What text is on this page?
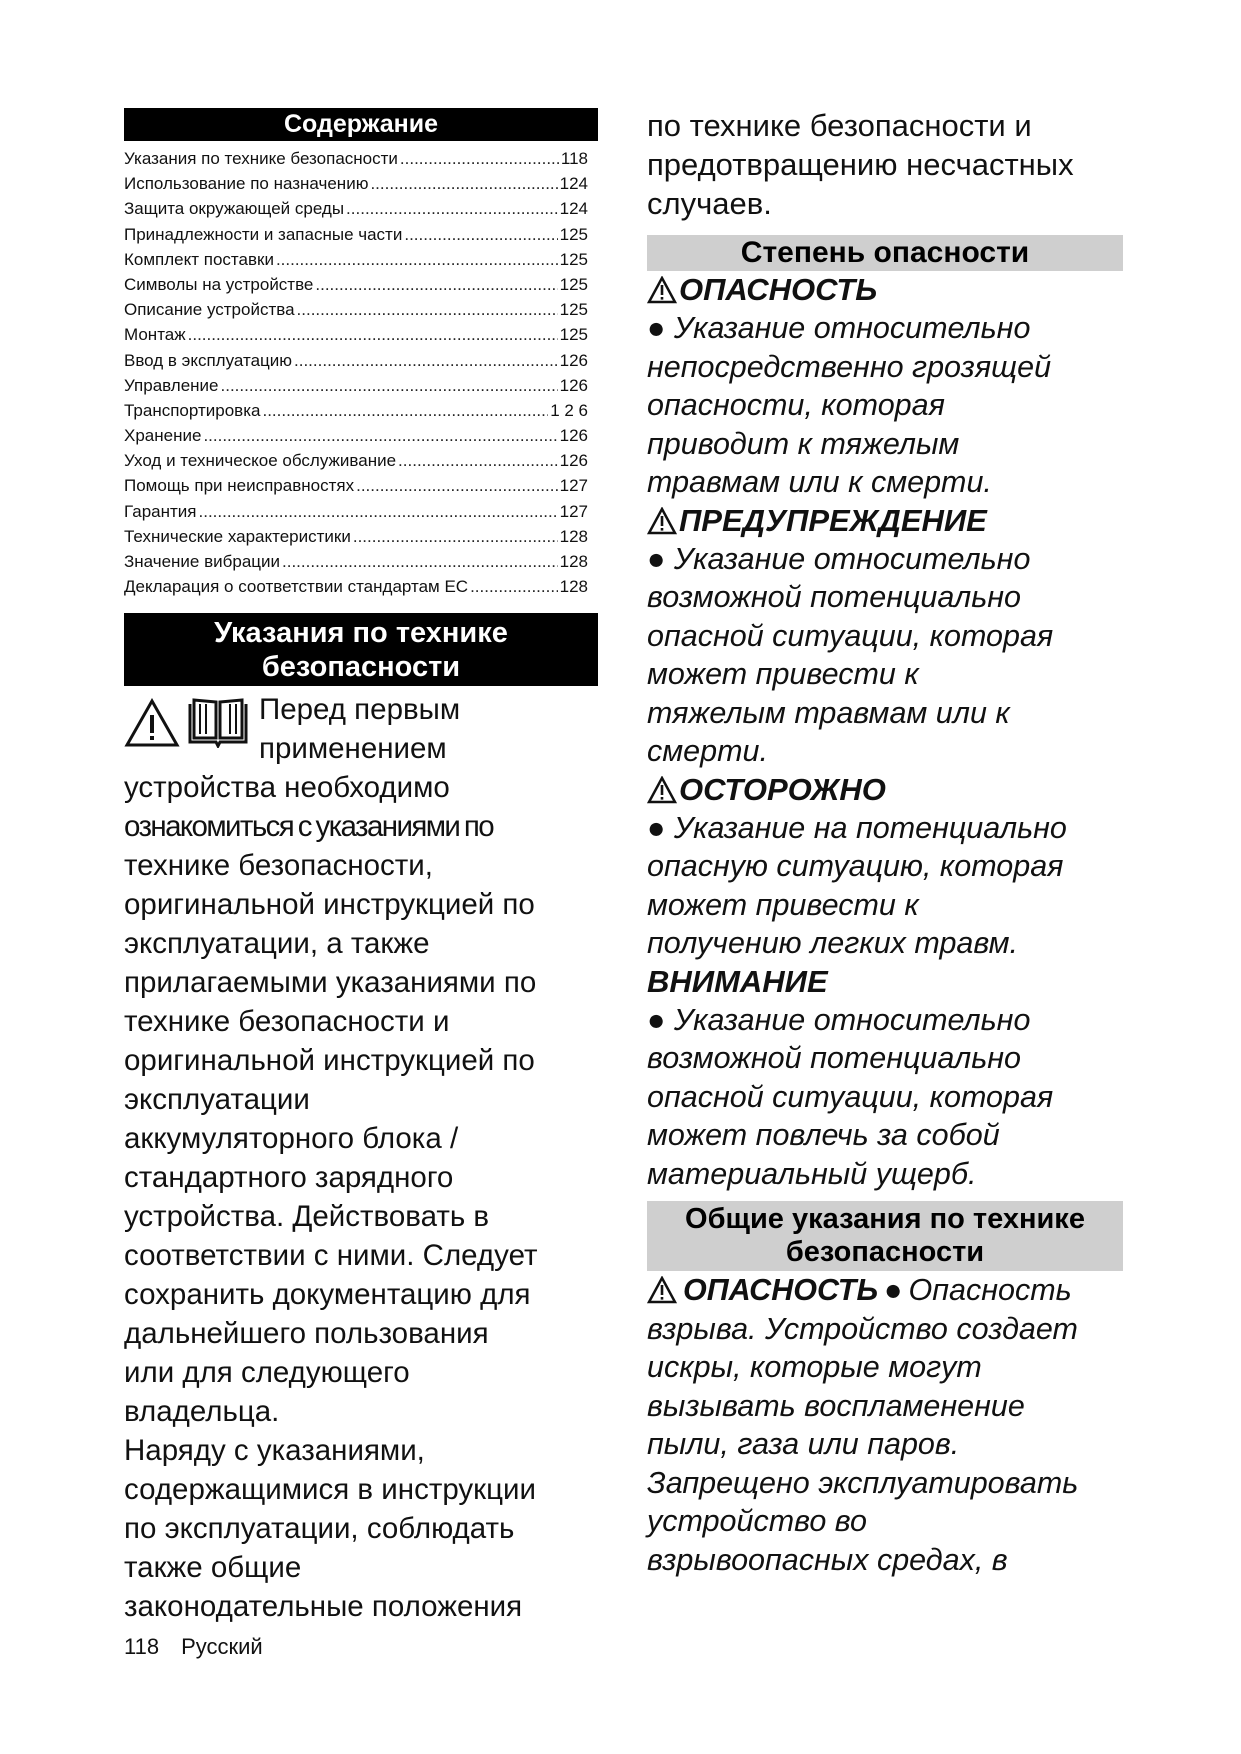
Содержание
Указания по технике безопасности .....	118
Использование по назначению .....	124
Защита окружающей среды .....	124
Принадлежности и запасные части .....	125
Комплект поставки .....	125
Символы на устройстве .....	125
Описание устройства .....	125
Монтаж .....	125
Ввод в эксплуатацию .....	126
Управление .....	126
Транспортировка .....	1 2 6
Хранение .....	126
Уход и техническое обслуживание .....	126
Помощь при неисправностях .....	127
Гарантия .....	127
Технические характеристики .....	128
Значение вибрации .....	128
Декларация о соответствии стандартам ЕС .....	128
Указания по технике
безопасности
Перед первым
применением
устройства необходимо
ознакомиться с указаниями по
технике безопасности,
оригинальной инструкцией по
эксплуатации, а также
прилагаемыми указаниями по
технике безопасности и
оригинальной инструкцией по
эксплуатации
аккумуляторного блока /
стандартного зарядного
устройства. Действовать в
соответствии с ними. Следует
сохранить документацию для
дальнейшего пользования
или для следующего
владельца.
Наряду с указаниями,
содержащимися в инструкции
по эксплуатации, соблюдать
также общие
законодательные положения
по технике безопасности и
предотвращению несчастных
случаев.
Степень опасности
ОПАСНОСТЬ
● Указание относительно
непосредственно грозящей
опасности, которая
приводит к тяжелым
травмам или к смерти.
ПРЕДУПРЕЖДЕНИЕ
● Указание относительно
возможной потенциально
опасной ситуации, которая
может привести к
тяжелым травмам или к
смерти.
ОСТОРОЖНО
● Указание на потенциально
опасную ситуацию, которая
может привести к
получению легких травм.
ВНИМАНИЕ
● Указание относительно
возможной потенциально
опасной ситуации, которая
может повлечь за собой
материальный ущерб.
Общие указания по технике
безопасности
ОПАСНОСТЬ ● Опасность
взрыва. Устройство создает
искры, которые могут
вызывать воспламенение
пыли, газа или паров.
Запрещено эксплуатировать
устройство во
взрывоопасных средах, в
118 Русский
